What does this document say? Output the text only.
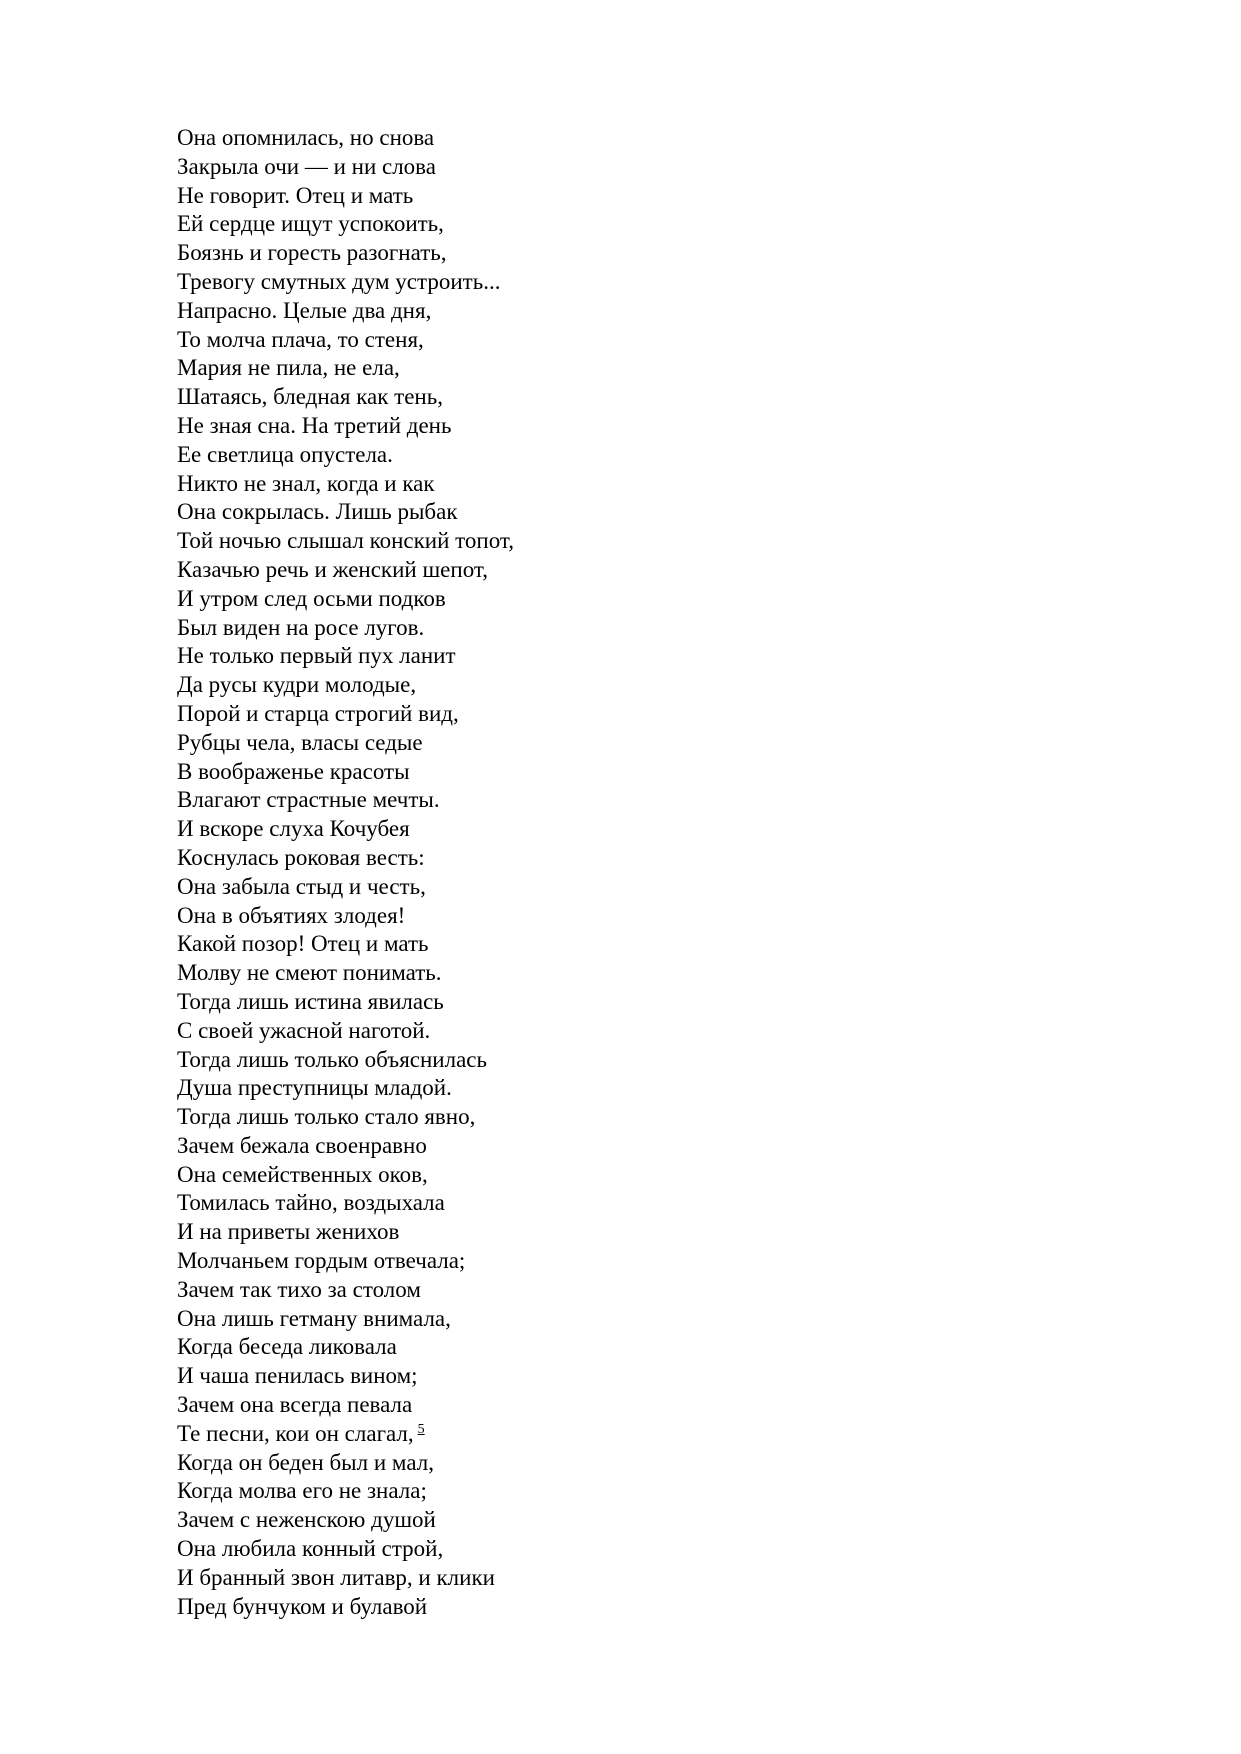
Она опомнилась, но снова
Закрыла очи — и ни слова
Не говорит. Отец и мать
Ей сердце ищут успокоить,
Боязнь и горесть разогнать,
Тревогу смутных дум устроить...
Напрасно. Целые два дня,
То молча плача, то стеня,
Мария не пила, не ела,
Шатаясь, бледная как тень,
Не зная сна. На третий день
Ее светлица опустела.
Никто не знал, когда и как
Она сокрылась. Лишь рыбак
Той ночью слышал конский топот,
Казачью речь и женский шепот,
И утром след осьми подков
Был виден на росе лугов.
Не только первый пух ланит
Да русы кудри молодые,
Порой и старца строгий вид,
Рубцы чела, власы седые
В воображенье красоты
Влагают страстные мечты.
И вскоре слуха Кочубея
Коснулась роковая весть:
Она забыла стыд и честь,
Она в объятиях злодея!
Какой позор! Отец и мать
Молву не смеют понимать.
Тогда лишь истина явилась
С своей ужасной наготой.
Тогда лишь только объяснилась
Душа преступницы младой.
Тогда лишь только стало явно,
Зачем бежала своенравно
Она семейственных оков,
Томилась тайно, воздыхала
И на приветы женихов
Молчаньем гордым отвечала;
Зачем так тихо за столом
Она лишь гетману внимала,
Когда беседа ликовала
И чаша пенилась вином;
Зачем она всегда певала
Те песни, кои он слагал, $^5$
Когда он беден был и мал,
Когда молва его не знала;
Зачем с неженскою душой
Она любила конный строй,
И бранный звон литавр, и клики
Пред бунчуком и булавой
